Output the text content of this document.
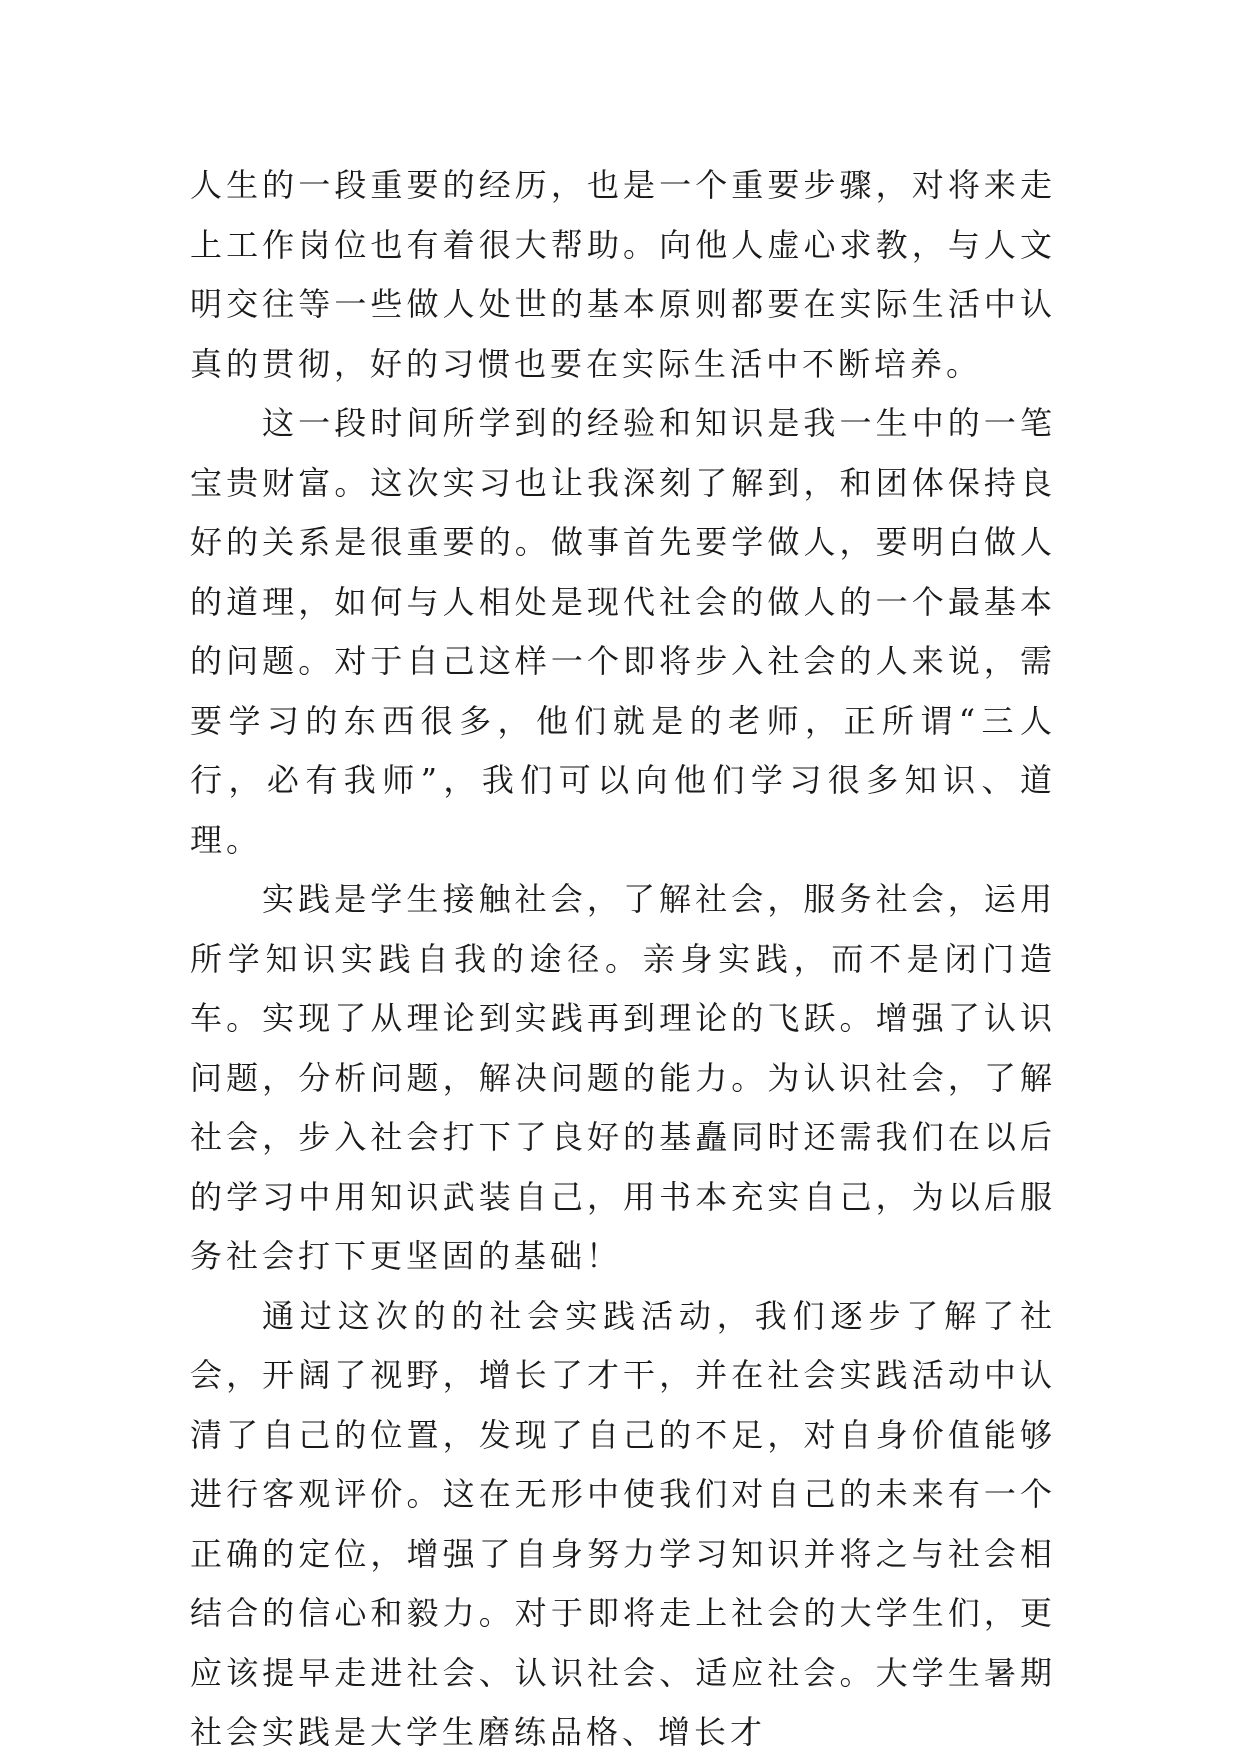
人生的一段重要的经历，也是一个重要步骤，对将来走上工作岗位也有着很大帮助。向他人虚心求教，与人文明交往等一些做人处世的基本原则都要在实际生活中认真的贯彻，好的习惯也要在实际生活中不断培养。

这一段时间所学到的经验和知识是我一生中的一笔宝贵财富。这次实习也让我深刻了解到，和团体保持良好的关系是很重要的。做事首先要学做人，要明白做人的道理，如何与人相处是现代社会的做人的一个最基本的问题。对于自己这样一个即将步入社会的人来说，需要学习的东西很多，他们就是的老师，正所谓“三人行，必有我师”，我们可以向他们学习很多知识、道理。

实践是学生接触社会，了解社会，服务社会，运用所学知识实践自我的途径。亲身实践，而不是闭门造车。实现了从理论到实践再到理论的飞跃。增强了认识问题，分析问题，解决问题的能力。为认识社会，了解社会，步入社会打下了良好的基矗同时还需我们在以后的学习中用知识武装自己，用书本充实自己，为以后服务社会打下更坚固的基础！

通过这次的的社会实践活动，我们逐步了解了社会，开阔了视野，增长了才干，并在社会实践活动中认清了自己的位置，发现了自己的不足，对自身价值能够进行客观评价。这在无形中使我们对自己的未来有一个正确的定位，增强了自身努力学习知识并将之与社会相结合的信心和毅力。对于即将走上社会的大学生们，更应该提早走进社会、认识社会、适应社会。大学生暑期社会实践是大学生磨练品格、增长才
